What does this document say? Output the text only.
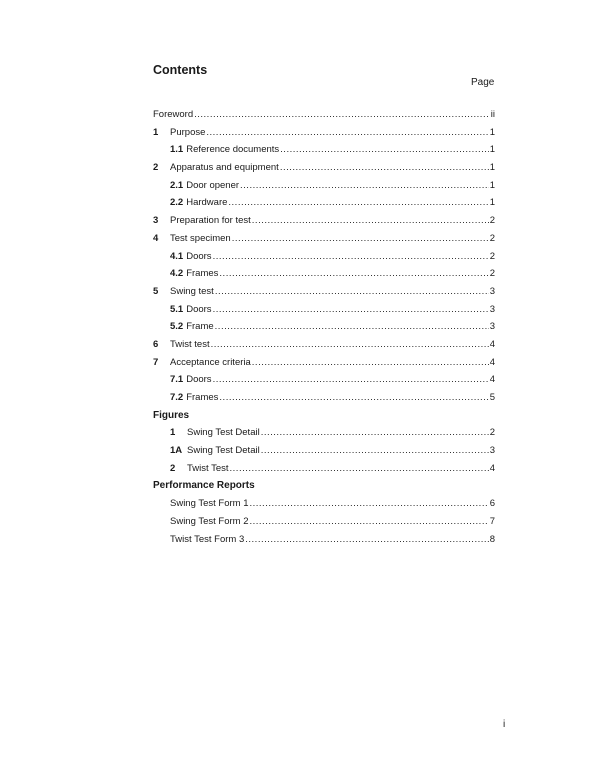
Contents
Page
Foreword .....	ii
1	Purpose .....	1
1.1 Reference documents .....	1
2	Apparatus and equipment .....	1
2.1 Door opener .....	1
2.2 Hardware .....	1
3	Preparation for test .....	2
4	Test specimen .....	2
4.1 Doors .....	2
4.2 Frames .....	2
5	Swing test .....	3
5.1 Doors .....	3
5.2 Frame .....	3
6	Twist test .....	4
7	Acceptance criteria .....	4
7.1 Doors .....	4
7.2 Frames .....	5
Figures
1	Swing Test Detail .....	2
1A Swing Test Detail .....	3
2	Twist Test .....	4
Performance Reports
Swing Test Form 1 .....	6
Swing Test Form 2 .....	7
Twist Test Form 3 .....	8
i
